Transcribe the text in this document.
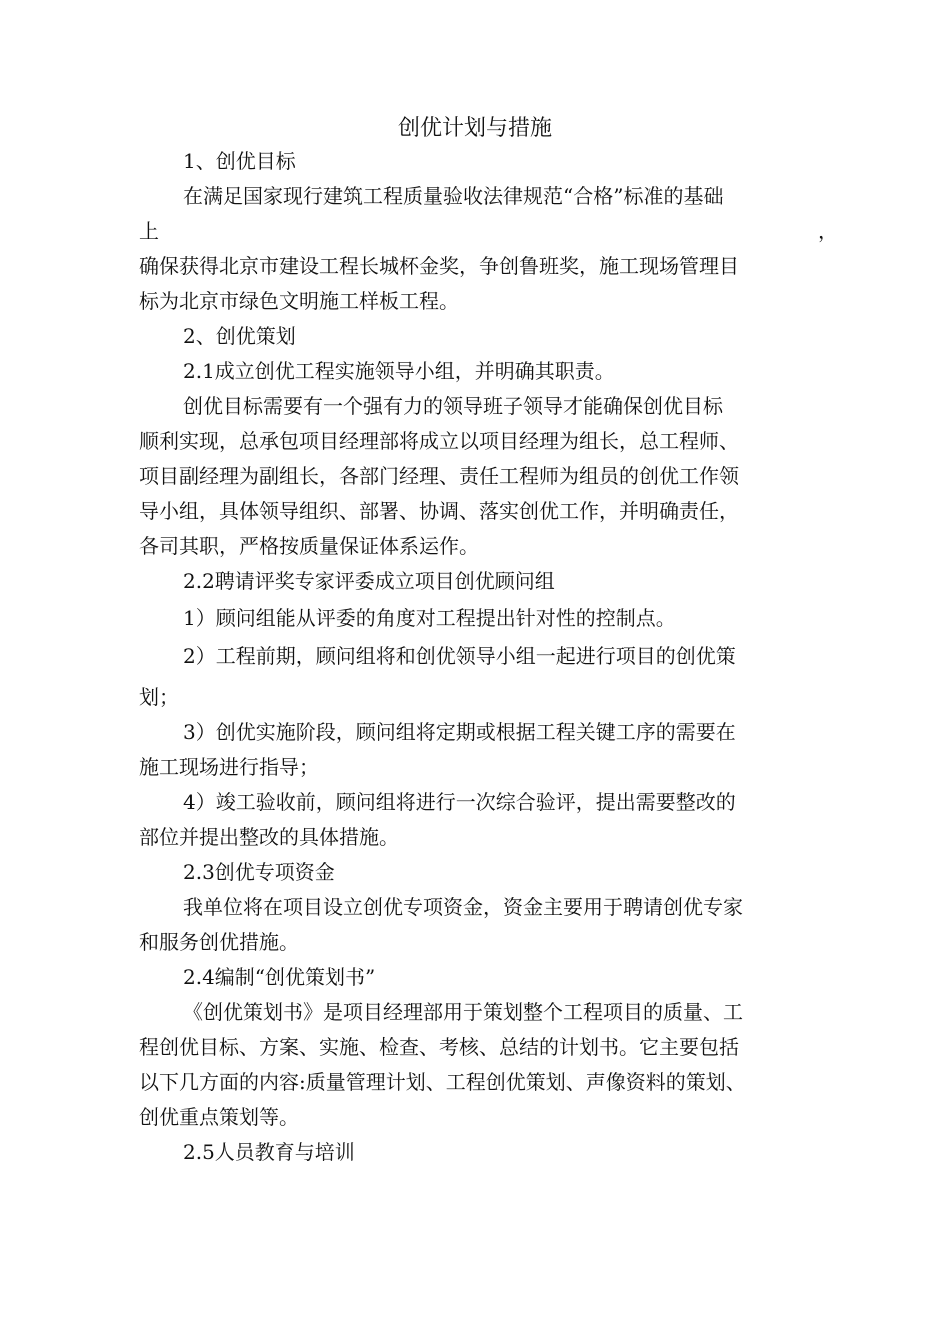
创优计划与措施
1、创优目标
在满足国家现行建筑工程质量验收法律规范“合格”标准的基础
上	，
确保获得北京市建设工程长城杯金奖，争创鲁班奖，施工现场管理目
标为北京市绿色文明施工样板工程。
2、创优策划
2.1成立创优工程实施领导小组，并明确其职责。
创优目标需要有一个强有力的领导班子领导才能确保创优目标
顺利实现，总承包项目经理部将成立以项目经理为组长，总工程师、
项目副经理为副组长，各部门经理、责任工程师为组员的创优工作领
导小组，具体领导组织、部署、协调、落实创优工作，并明确责任，
各司其职，严格按质量保证体系运作。
2.2聘请评奖专家评委成立项目创优顾问组
1）顾问组能从评委的角度对工程提出针对性的控制点。
2）工程前期，顾问组将和创优领导小组一起进行项目的创优策
划；
3）创优实施阶段，顾问组将定期或根据工程关键工序的需要在
施工现场进行指导；
4）竣工验收前，顾问组将进行一次综合验评，提出需要整改的
部位并提出整改的具体措施。
2.3创优专项资金
我单位将在项目设立创优专项资金，资金主要用于聘请创优专家
和服务创优措施。
2.4编制“创优策划书”
《创优策划书》是项目经理部用于策划整个工程项目的质量、工
程创优目标、方案、实施、检查、考核、总结的计划书。它主要包括
以下几方面的内容:质量管理计划、工程创优策划、声像资料的策划、
创优重点策划等。
2.5人员教育与培训
